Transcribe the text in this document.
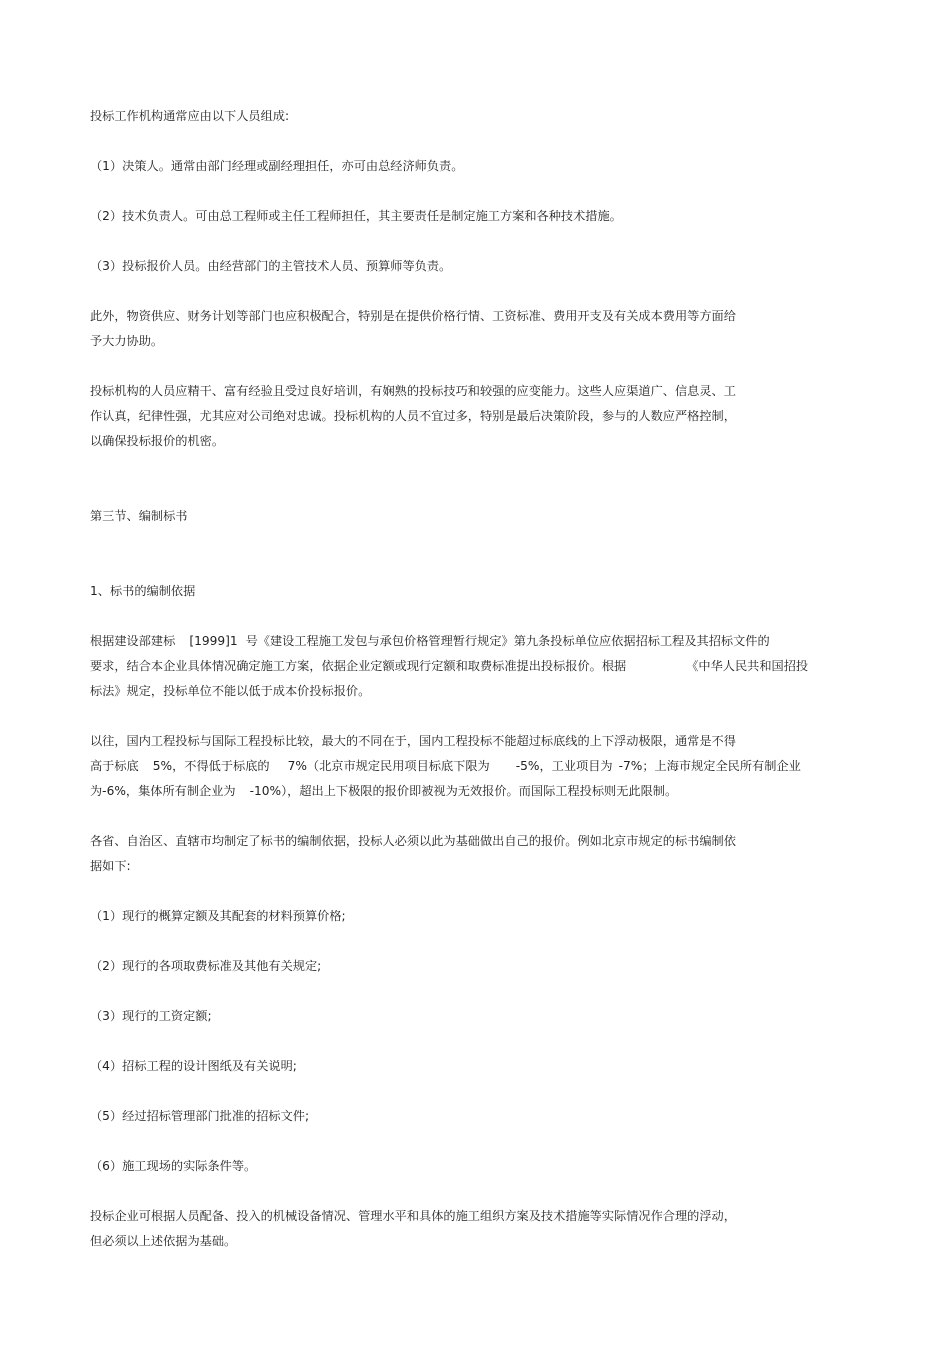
投标工作机构通常应由以下人员组成:
（1）决策人。通常由部门经理或副经理担任，亦可由总经济师负责。
（2）技术负责人。可由总工程师或主任工程师担任，其主要责任是制定施工方案和各种技术措施。
（3）投标报价人员。由经营部门的主管技术人员、预算师等负责。
此外，物资供应、财务计划等部门也应积极配合，特别是在提供价格行情、工资标准、费用开支及有关成本费用等方面给
予大力协助。
投标机构的人员应精干、富有经验且受过良好培训，有娴熟的投标技巧和较强的应变能力。这些人应渠道广、信息灵、工
作认真，纪律性强，尤其应对公司绝对忠诚。投标机构的人员不宜过多，特别是最后决策阶段，参与的人数应严格控制，
以确保投标报价的机密。
第三节、编制标书
1、标书的编制依据
根据建设部建标 [1999]1 号《建设工程施工发包与承包价格管理暂行规定》第九条投标单位应依据招标工程及其招标文件的
要求，结合本企业具体情况确定施工方案，依据企业定额或现行定额和取费标准提出投标报价。根据	《中华人民共和国招投
标法》规定，投标单位不能以低于成本价投标报价。
以往，国内工程投标与国际工程投标比较，最大的不同在于，国内工程投标不能超过标底线的上下浮动极限，通常是不得
高于标底 5%，不得低于标底的 7%（北京市规定民用项目标底下限为 -5%，工业项目为 -7%；上海市规定全民所有制企业
为-6%，集体所有制企业为 -10%），超出上下极限的报价即被视为无效报价。而国际工程投标则无此限制。
各省、自治区、直辖市均制定了标书的编制依据，投标人必须以此为基础做出自己的报价。例如北京市规定的标书编制依
据如下:
（1）现行的概算定额及其配套的材料预算价格;
（2）现行的各项取费标准及其他有关规定;
（3）现行的工资定额;
（4）招标工程的设计图纸及有关说明;
（5）经过招标管理部门批准的招标文件;
（6）施工现场的实际条件等。
投标企业可根据人员配备、投入的机械设备情况、管理水平和具体的施工组织方案及技术措施等实际情况作合理的浮动，
但必须以上述依据为基础。
